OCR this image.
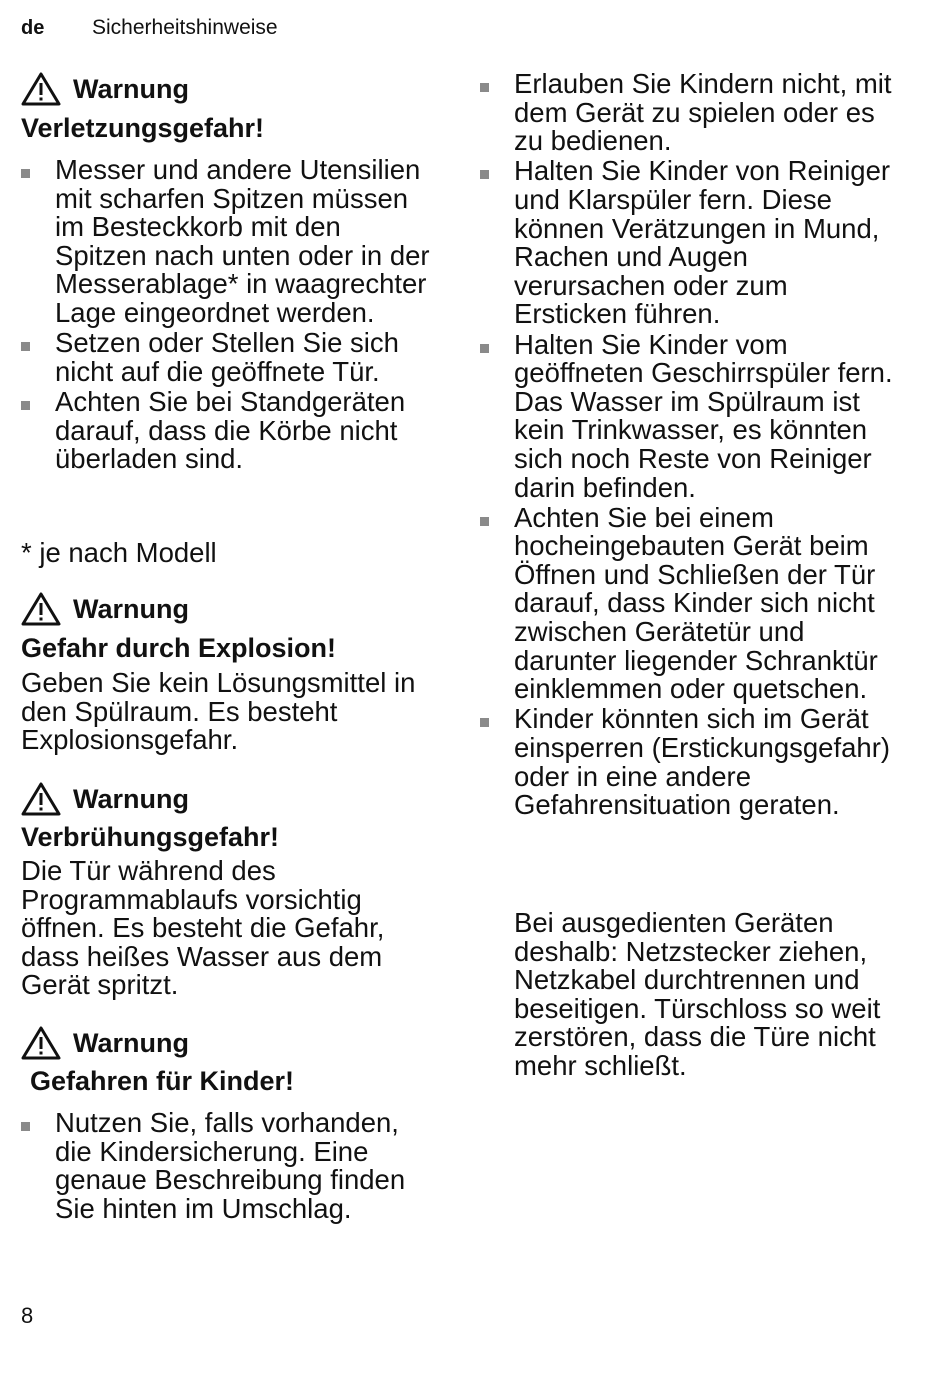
de Sicherheitshinweise
Warnung
Verletzungsgefahr!
Messer und andere Utensilien mit scharfen Spitzen müssen im Besteckkorb mit den Spitzen nach unten oder in der Messerablage* in waagrechter Lage eingeordnet werden.
Setzen oder Stellen Sie sich nicht auf die geöffnete Tür.
Achten Sie bei Standgeräten darauf, dass die Körbe nicht überladen sind.

* je nach Modell

Warnung
Gefahr durch Explosion!

Geben Sie kein Lösungsmittel in den Spülraum. Es besteht Explosionsgefahr.

Warnung
Verbrühungsgefahr!

Die Tür während des Programmablaufs vorsichtig öffnen. Es besteht die Gefahr, dass heißes Wasser aus dem Gerät spritzt.

Warnung
Gefahren für Kinder!
Nutzen Sie, falls vorhanden, die Kindersicherung. Eine genaue Beschreibung finden Sie hinten im Umschlag.
Erlauben Sie Kindern nicht, mit dem Gerät zu spielen oder es zu bedienen.
Halten Sie Kinder von Reiniger und Klarspüler fern. Diese können Verätzungen in Mund, Rachen und Augen verursachen oder zum Ersticken führen.
Halten Sie Kinder vom geöffneten Geschirrspüler fern. Das Wasser im Spülraum ist kein Trinkwasser, es könnten sich noch Reste von Reiniger darin befinden.
Achten Sie bei einem hocheingebauten Gerät beim Öffnen und Schließen der Tür darauf, dass Kinder sich nicht zwischen Gerätetür und darunter liegender Schranktür einklemmen oder quetschen.
Kinder könnten sich im Gerät einsperren (Erstickungsgefahr) oder in eine andere Gefahrensituation geraten.

Bei ausgedienten Geräten deshalb: Netzstecker ziehen, Netzkabel durchtrennen und beseitigen. Türschloss so weit zerstören, dass die Türe nicht mehr schließt.

8
